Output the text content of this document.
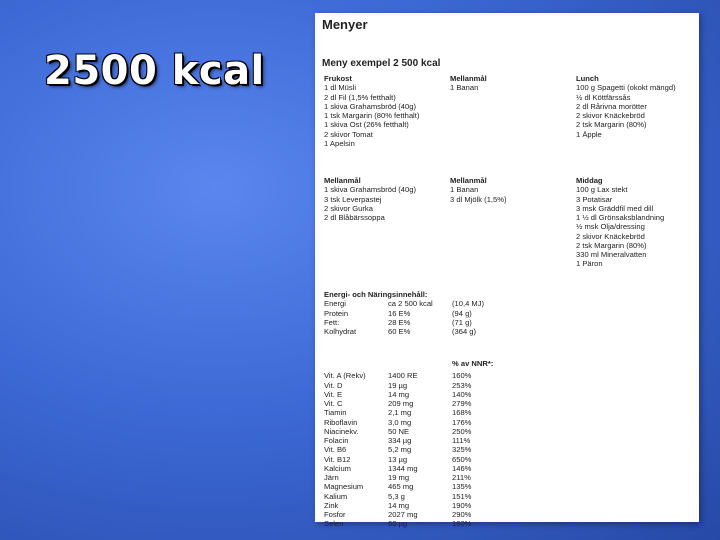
2500 kcal
Menyer
Meny exempel 2 500 kcal
Frukost
1 dl Müsli
2 dl Fil (1,5% fetthalt)
1 skiva Grahamsbröd (40g)
1 tsk Margarin (80% fetthalt)
1 skiva Ost (26% fetthalt)
2 skivor Tomat
1 Apelsin
Mellanmål
1 Banan
Lunch
100 g Spagetti (okokt mängd)
½ dl Köttfärssås
2 dl Rårivna morötter
2 skivor Knäckebröd
2 tsk Margarin (80%)
1 Äpple
Mellanmål
1 skiva Grahamsbröd (40g)
3 tsk Leverpastej
2 skivor Gurka
2 dl Blåbärssoppa
Mellanmål
1 Banan
3 dl Mjölk (1,5%)
Middag
100 g Lax stekt
3 Potatisar
3 msk Gräddfil med dill
1 ½ dl Grönsaksblandning
½ msk Olja/dressing
2 skivor Knäckebröd
2 tsk Margarin (80%)
330 ml Mineralvatten
1 Päron
Energi- och Näringsinnehåll:
Energi	ca 2 500 kcal	(10,4 MJ)
Protein	16 E%	(94 g)
Fett:	28 E%	(71 g)
Kolhydrat	60 E%	(364 g)
% av NNR*:
Vit. A (Rekv)	1400 RE	160%
Vit. D	19 µg	253%
Vit. E	14 mg	140%
Vit. C	209 mg	279%
Tiamin	2,1 mg	168%
Riboflavin	3,0 mg	176%
Niacinekv.	50 NE	250%
Folacin	334 µg	111%
Vit. B6	5,2 mg	325%
Vit. B12	13 µg	650%
Kalcium	1344 mg	146%
Järn	19 mg	211%
Magnesium	465 mg	135%
Kalium	5,3 g	151%
Zink	14 mg	190%
Fosfor	2027 mg	290%
Selen	60 µg	160%
